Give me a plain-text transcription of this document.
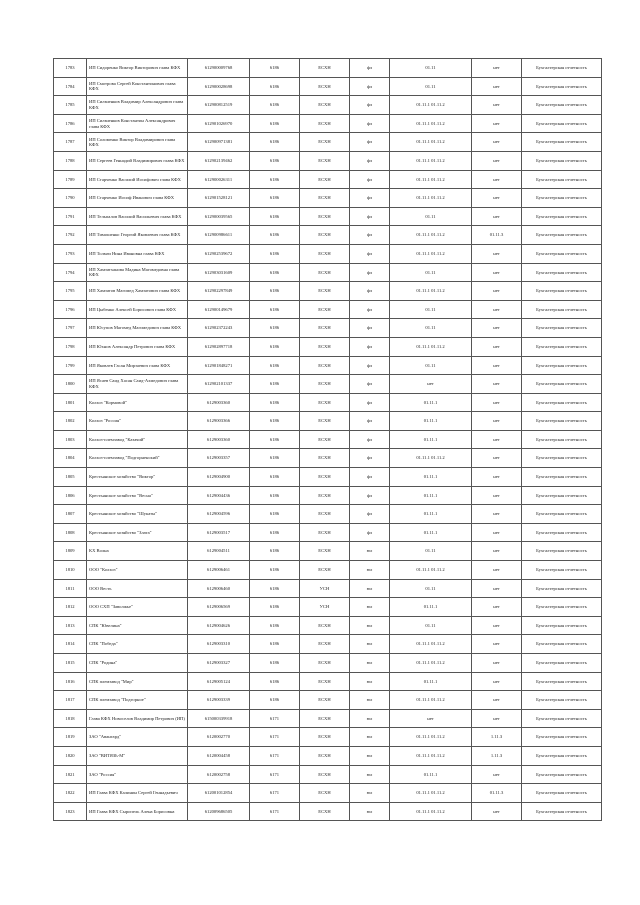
1783	ИП Сидоренко Виктор Викторович глава КФХ	612900009768	6186	ЕСХН	фл	01.11	нет	Бухгалтерская отчетность
1784	ИП Смотрова Сергей Константинович глава КФХ	612900028698	6186	ЕСХН	фл	01.11	нет	Бухгалтерская отчетность
1785	ИП Сильченков Владимир Александрович глава КФХ	612900812519	6186	ЕСХН	фл	01.11.1 01.11.2	нет	Бухгалтерская отчетность
1786	ИП Сильченков Константин Александрович глава КФХ	612901026970	6186	ЕСХН	фл	01.11.1 01.11.2	нет	Бухгалтерская отчетность
1787	ИП Соломенко Виктор Владимирович глава КФХ	612900971381	6186	ЕСХН	фл	01.11.1 01.11.2	нет	Бухгалтерская отчетность
1788	ИП Сергеев Геннадий Владимирович глава КФХ	612902139462	6186	ЕСХН	фл	01.11.1 01.11.2	нет	Бухгалтерская отчетность
1789	ИП Старченко Василий Иосифович глава КФХ	612900026311	6186	ЕСХН	фл	01.11.1 01.11.2	нет	Бухгалтерская отчетность
1790	ИП Старченко Иосиф Иванович глава КФХ	612901528121	6186	ЕСХН	фл	01.11.1 01.11.2	нет	Бухгалтерская отчетность
1791	ИП Тельпалов Василий Васильевич глава КФХ	612900039565	6186	ЕСХН	фл	01.11	нет	Бухгалтерская отчетность
1792	ИП Тимошенко Георгий Яковлевич глава КФХ	612900986611	6186	ЕСХН	фл	01.11.1 01.11.2	01.11.3	Бухгалтерская отчетность
1793	ИП Толмач Нина Ивановна глава КФХ	612902539672	6186	ЕСХН	фл	01.11.1 01.11.2	нет	Бухгалтерская отчетность
1794	ИП Хамзатханова Мадина Магомедовна глава КФХ	612903031609	6186	ЕСХН	фл	01.11	нет	Бухгалтерская отчетность
1795	ИП Хамзатов Магомед Хамзатович глава КФХ	612902297849	6186	ЕСХН	фл	01.11.1 01.11.2	нет	Бухгалтерская отчетность
1796	ИП Цыбенко Алексей Борисович глава КФХ	612900149679	6186	ЕСХН	фл	01.11	нет	Бухгалтерская отчетность
1797	ИП Юсупов Магомед Магомедович глава КФХ	612902372243	6186	ЕСХН	фл	01.11	нет	Бухгалтерская отчетность
1798	ИП Юхнов Александр Петрович глава КФХ	612902897718	6186	ЕСХН	фл	01.11.1 01.11.2	нет	Бухгалтерская отчетность
1799	ИП Яковлев Гасан Мирзаевич глава КФХ	612901848271	6186	ЕСХН	фл	01.11	нет	Бухгалтерская отчетность
1800	ИП Ясаев Саид Хасан Саид-Ахмедович глава КФХ	612902101337	6186	ЕСХН	фл	нет	нет	Бухгалтерская отчетность
1801	Колхоз "Кормовой"	6129003360	6186	ЕСХН	фл	01.11.1	нет	Бухгалтерская отчетность
1802	Колхоз "Россия"	6129003366	6186	ЕСХН	фл	01.11.1	нет	Бухгалтерская отчетность
1803	Колхоз-племзавод "Казачий"	6129003360	6186	ЕСХН	фл	01.11.1	нет	Бухгалтерская отчетность
1804	Колхоз-племзавод "Подгорненский"	6129003357	6186	ЕСХН	фл	01.11.1 01.11.2	нет	Бухгалтерская отчетность
1805	Крестьянское хозяйство "Виктор"	6129004900	6186	ЕСХН	фл	01.11.1	нет	Бухгалтерская отчетность
1806	Крестьянское хозяйство "Весна"	6129004436	6186	ЕСХН	фл	01.11.1	нет	Бухгалтерская отчетность
1807	Крестьянское хозяйство "Шукаты"	6129004596	6186	ЕСХН	фл	01.11.1	нет	Бухгалтерская отчетность
1808	Крестьянское хозяйство "Злата"	6129003517	6186	ЕСХН	фл	01.11.1	нет	Бухгалтерская отчетность
1809	КХ Волна	6129004511	6186	ЕСХН	юл	01.11	нет	Бухгалтерская отчетность
1810	ООО "Колхоз"	6129006461	6186	ЕСХН	юл	01.11.1 01.11.2	нет	Бухгалтерская отчетность
1811	ООО Весть	6129006460	6186	УСН	юл	01.11	нет	Бухгалтерская отчетность
1812	ООО СХП "Заволжье"	6129006569	6186	УСН	юл	01.11.1	нет	Бухгалтерская отчетность
1813	СПК "Ювелина"	6129004626	6186	ЕСХН	юл	01.11	нет	Бухгалтерская отчетность
1814	СПК "Победа"	6129003310	6186	ЕСХН	юл	01.11.1 01.11.2	нет	Бухгалтерская отчетность
1815	СПК "Родина"	6129003327	6186	ЕСХН	юл	01.11.1 01.11.2	нет	Бухгалтерская отчетность
1816	СПК племзавод "Мир"	6129005124	6186	ЕСХН	юл	01.11.1	нет	Бухгалтерская отчетность
1817	СПК племзавод "Подгорное"	6129003339	6186	ЕСХН	юл	01.11.1 01.11.2	нет	Бухгалтерская отчетность
1818	Глава КФХ Новоселов Владимир Петрович (ИП)	615000339918	6171	ЕСХН	юл	нет	нет	Бухгалтерская отчетность
1819	ЗАО "Авангард"	6120002770	6171	ЕСХН	юл	01.11.1 01.11.2	1.11.3	Бухгалтерская отчетность
1820	ЗАО "ВИТЯЗЬ-М"	6120004458	6171	ЕСХН	юл	01.11.1 01.11.2	1.11.3	Бухгалтерская отчетность
1821	ЗАО "Россия"	6120002758	6171	ЕСХН	юл	01.11.1	нет	Бухгалтерская отчетность
1822	ИП Глава КФХ Калинин Сергей Геннадьевич	612001012854	6171	ЕСХН	юл	01.11.1 01.11.2	01.11.3	Бухгалтерская отчетность
1823	ИП Глава КФХ Сыропель Алена Борисовна	612009686505	6171	ЕСХН	юл	01.11.1 01.11.2	нет	Бухгалтерская отчетность
